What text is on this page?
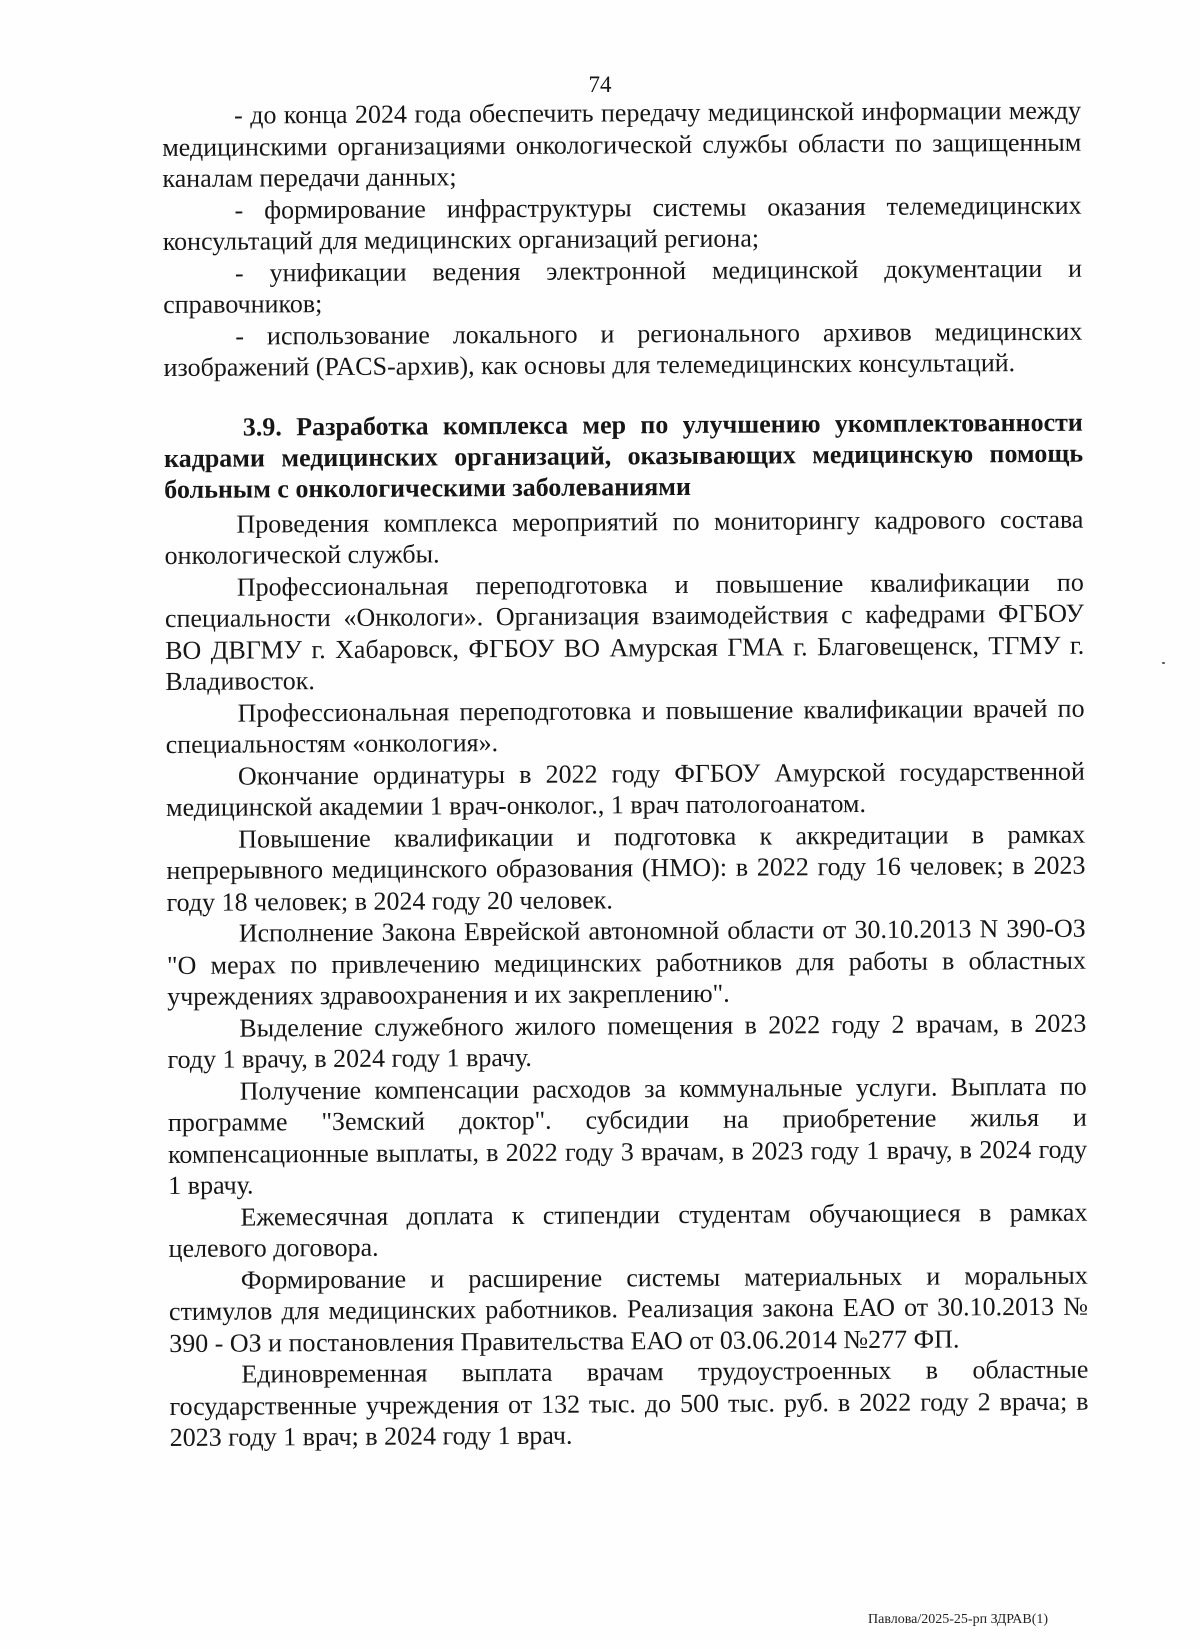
74

- до конца 2024 года обеспечить передачу медицинской информации между медицинскими организациями онкологической службы области по защищенным каналам передачи данных;

- формирование инфраструктуры системы оказания телемедицинских консультаций для медицинских организаций региона;

- унификации ведения электронной медицинской документации и справочников;

- использование локального и регионального архивов медицинских изображений (PACS-архив), как основы для телемедицинских консультаций.

3.9. Разработка комплекса мер по улучшению укомплектованности кадрами медицинских организаций, оказывающих медицинскую помощь больным с онкологическими заболеваниями

Проведения комплекса мероприятий по мониторингу кадрового состава онкологической службы.

Профессиональная переподготовка и повышение квалификации по специальности «Онкологи». Организация взаимодействия с кафедрами ФГБОУ ВО ДВГМУ г. Хабаровск, ФГБОУ ВО Амурская ГМА г. Благовещенск, ТГМУ г. Владивосток.

Профессиональная переподготовка и повышение квалификации врачей по специальностям «онкология».

Окончание ординатуры в 2022 году ФГБОУ Амурской государственной медицинской академии 1 врач-онколог., 1 врач патологоанатом.

Повышение квалификации и подготовка к аккредитации в рамках непрерывного медицинского образования (НМО): в 2022 году 16 человек; в 2023 году 18 человек; в 2024 году 20 человек.

Исполнение Закона Еврейской автономной области от 30.10.2013 N 390-ОЗ "О мерах по привлечению медицинских работников для работы в областных учреждениях здравоохранения и их закреплению".

Выделение служебного жилого помещения в 2022 году 2 врачам, в 2023 году 1 врачу, в 2024 году 1 врачу.

Получение компенсации расходов за коммунальные услуги. Выплата по программе "Земский доктор". субсидии на приобретение жилья и компенсационные выплаты, в 2022 году 3 врачам, в 2023 году 1 врачу, в 2024 году 1 врачу.

Ежемесячная доплата к стипендии студентам обучающиеся в рамках целевого договора.

Формирование и расширение системы материальных и моральных стимулов для медицинских работников. Реализация закона ЕАО от 30.10.2013 № 390 - ОЗ и постановления Правительства ЕАО от 03.06.2014 №277 ФП.

Единовременная выплата врачам трудоустроенных в областные государственные учреждения от 132 тыс. до 500 тыс. руб. в 2022 году 2 врача; в 2023 году 1 врач; в 2024 году 1 врач.

Павлова/2025-25-рп ЗДРАВ(1)
